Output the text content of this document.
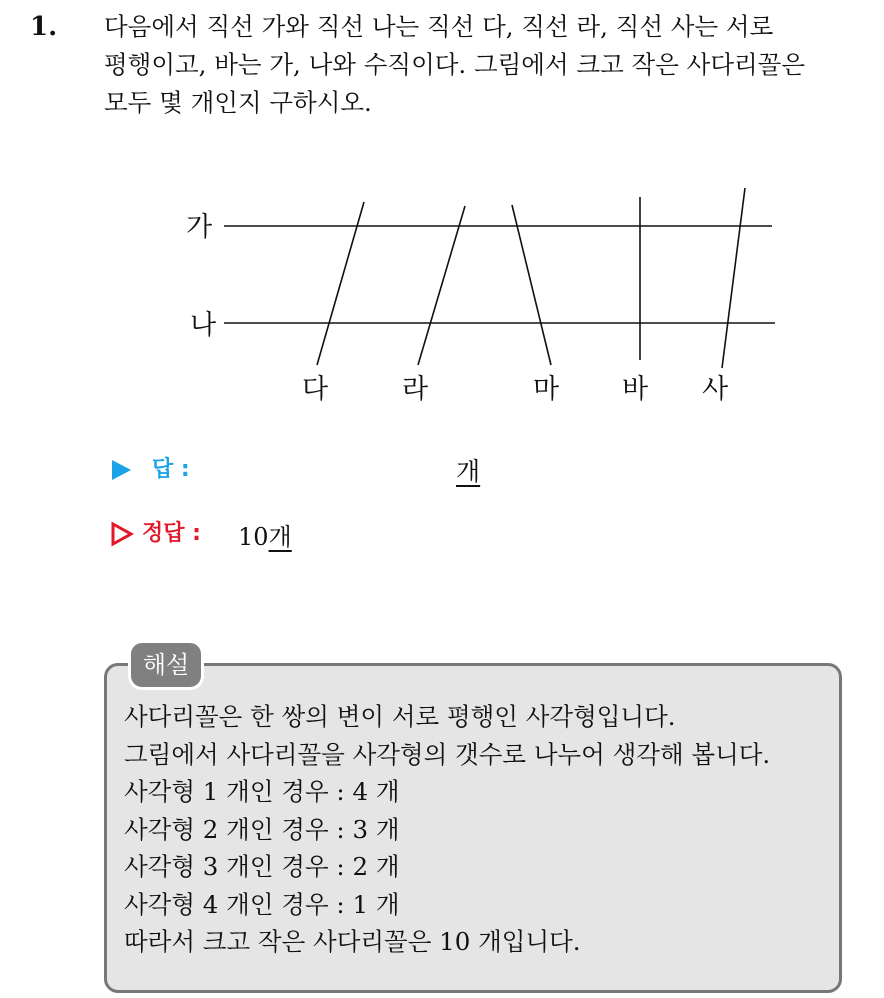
1. 다음에서 직선 가와 직선 나는 직선 다, 직선 라, 직선 사는 서로
평행이고, 바는 가, 나와 수직이다. 그림에서 크고 작은 사다리꼴은
모두 몇 개인지 구하시오.
가
나
다	라	마 바 사
답 :	개
정답 : 10개
해설
사다리꼴은 한 쌍의 변이 서로 평행인 사각형입니다.
그림에서 사다리꼴을 사각형의 갯수로 나누어 생각해 봅니다.
사각형 1 개인 경우 : 4 개
사각형 2 개인 경우 : 3 개
사각형 3 개인 경우 : 2 개
사각형 4 개인 경우 : 1 개
따라서 크고 작은 사다리꼴은 10 개입니다.
